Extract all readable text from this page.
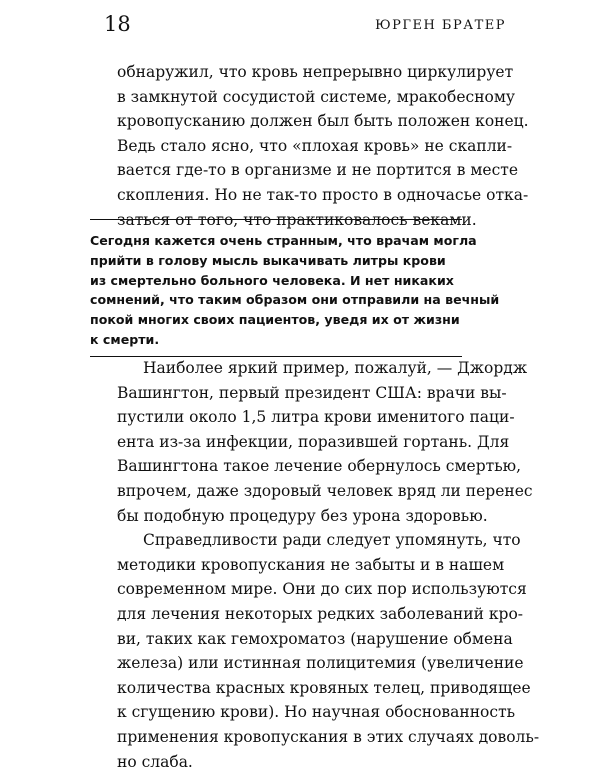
18	ЮРГЕН БРАТЕР
обнаружил, что кровь непрерывно циркулирует
в замкнутой сосудистой системе, мракобесному
кровопусканию должен был быть положен конец.
Ведь стало ясно, что «плохая кровь» не скапли-
вается где-то в организме и не портится в месте
скопления. Но не так-то просто в одночасье отка-
заться от того, что практиковалось веками.
Сегодня кажется очень странным, что врачам могла
прийти в голову мысль выкачивать литры крови
из смертельно больного человека. И нет никаких
сомнений, что таким образом они отправили на вечный
покой многих своих пациентов, уведя их от жизни
к смерти.
Наиболее яркий пример, пожалуй, — Джордж
Вашингтон, первый президент США: врачи вы-
пустили около 1,5 литра крови именитого паци-
ента из-за инфекции, поразившей гортань. Для
Вашингтона такое лечение обернулось смертью,
впрочем, даже здоровый человек вряд ли перенес
бы подобную процедуру без урона здоровью.
Справедливости ради следует упомянуть, что
методики кровопускания не забыты и в нашем
современном мире. Они до сих пор используются
для лечения некоторых редких заболеваний кро-
ви, таких как гемохроматоз (нарушение обмена
железа) или истинная полицитемия (увеличение
количества красных кровяных телец, приводящее
к сгущению крови). Но научная обоснованность
применения кровопускания в этих случаях доволь-
но слаба.
